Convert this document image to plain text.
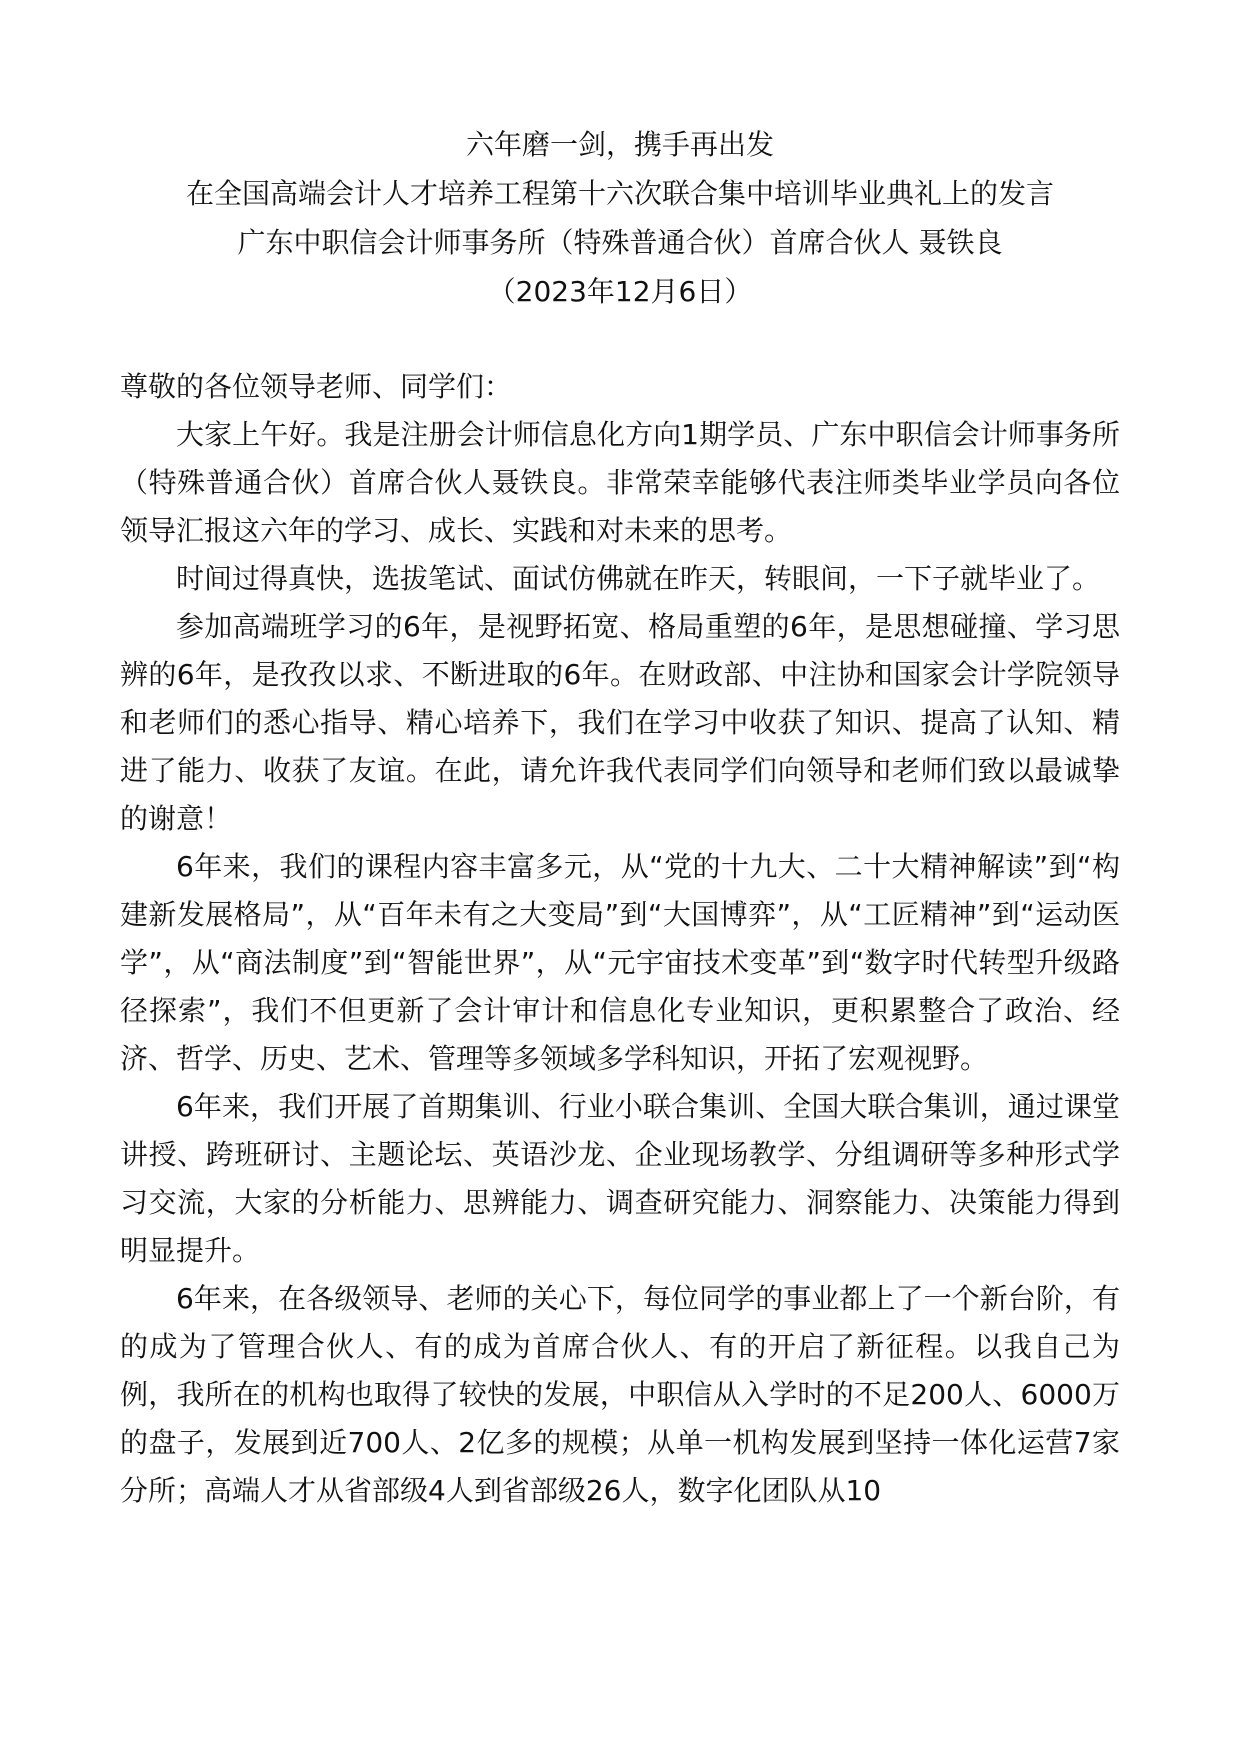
六年磨一剑，携手再出发

在全国高端会计人才培养工程第十六次联合集中培训毕业典礼上的发言

广东中职信会计师事务所（特殊普通合伙）首席合伙人 聂铁良

（2023年12月6日）

尊敬的各位领导老师、同学们：

大家上午好。我是注册会计师信息化方向1期学员、广东中职信会计师事务所（特殊普通合伙）首席合伙人聂铁良。非常荣幸能够代表注师类毕业学员向各位领导汇报这六年的学习、成长、实践和对未来的思考。

时间过得真快，选拔笔试、面试仿佛就在昨天，转眼间，一下子就毕业了。

参加高端班学习的6年，是视野拓宽、格局重塑的6年，是思想碰撞、学习思辨的6年，是孜孜以求、不断进取的6年。在财政部、中注协和国家会计学院领导和老师们的悉心指导、精心培养下，我们在学习中收获了知识、提高了认知、精进了能力、收获了友谊。在此，请允许我代表同学们向领导和老师们致以最诚挚的谢意！

6年来，我们的课程内容丰富多元，从“党的十九大、二十大精神解读”到“构建新发展格局”，从“百年未有之大变局”到“大国博弈”，从“工匠精神”到“运动医学”，从“商法制度”到“智能世界”，从“元宇宙技术变革”到“数字时代转型升级路径探索”，我们不但更新了会计审计和信息化专业知识，更积累整合了政治、经济、哲学、历史、艺术、管理等多领域多学科知识，开拓了宏观视野。

6年来，我们开展了首期集训、行业小联合集训、全国大联合集训，通过课堂讲授、跨班研讨、主题论坛、英语沙龙、企业现场教学、分组调研等多种形式学习交流，大家的分析能力、思辨能力、调查研究能力、洞察能力、决策能力得到明显提升。

6年来，在各级领导、老师的关心下，每位同学的事业都上了一个新台阶，有的成为了管理合伙人、有的成为首席合伙人、有的开启了新征程。以我自己为例，我所在的机构也取得了较快的发展，中职信从入学时的不足200人、6000万的盘子，发展到近700人、2亿多的规模；从单一机构发展到坚持一体化运营7家分所；高端人才从省部级4人到省部级26人，数字化团队从10
